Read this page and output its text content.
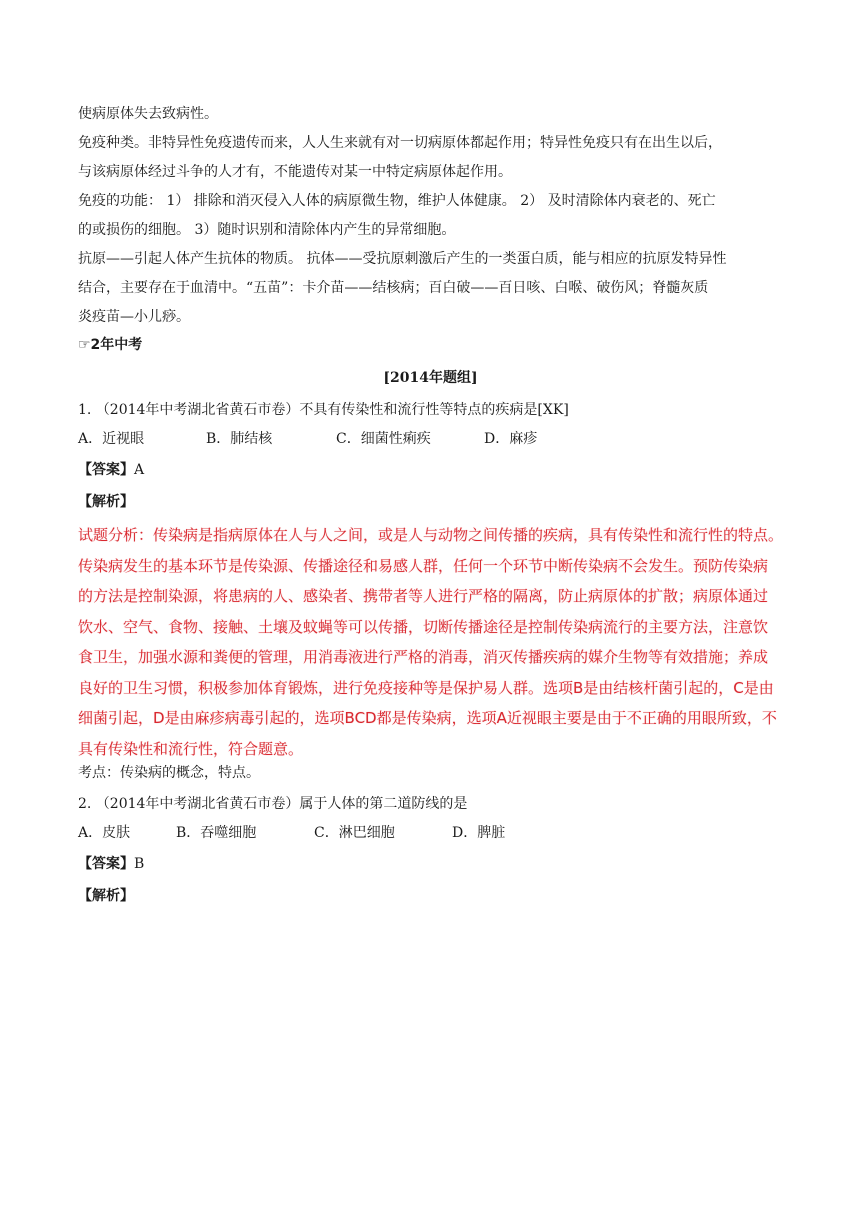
使病原体失去致病性。

免疫种类。非特异性免疫遗传而来，人人生来就有对一切病原体都起作用；特异性免疫只有在出生以后，

与该病原体经过斗争的人才有，不能遗传对某一中特定病原体起作用。

免疫的功能： 1） 排除和消灭侵入人体的病原微生物，维护人体健康。 2） 及时清除体内衰老的、死亡

的或损伤的细胞。 3）随时识别和清除体内产生的异常细胞。

抗原——引起人体产生抗体的物质。 抗体——受抗原刺激后产生的一类蛋白质，能与相应的抗原发特异性

结合，主要存在于血清中。“五苗”：卡介苗——结核病；百白破——百日咳、白喉、破伤风；脊髓灰质

炎疫苗—小儿痧。

☞2年中考
[2014年题组]

1. （2014年中考湖北省黄石市卷）不具有传染性和流行性等特点的疾病是[XK]

A．近视眼	B．肺结核	C．细菌性痢疾	D．麻疹

【答案】A

【解析】

试题分析：传染病是指病原体在人与人之间，或是人与动物之间传播的疾病，具有传染性和流行性的特点。
传染病发生的基本环节是传染源、传播途径和易感人群，任何一个环节中断传染病不会发生。预防传染病
的方法是控制染源，将患病的人、感染者、携带者等人进行严格的隔离，防止病原体的扩散；病原体通过
饮水、空气、食物、接触、土壤及蚊蝇等可以传播，切断传播途径是控制传染病流行的主要方法，注意饮
食卫生，加强水源和粪便的管理，用消毒液进行严格的消毒，消灭传播疾病的媒介生物等有效措施；养成
良好的卫生习惯，积极参加体育锻炼，进行免疫接种等是保护易人群。选项B是由结核杆菌引起的，C是由
细菌引起，D是由麻疹病毒引起的，选项BCD都是传染病，选项A近视眼主要是由于不正确的用眼所致，不
具有传染性和流行性，符合题意。

考点：传染病的概念，特点。

2. （2014年中考湖北省黄石市卷）属于人体的第二道防线的是

A．皮肤	B．吞噬细胞	C．淋巴细胞	D．脾脏

【答案】B

【解析】
